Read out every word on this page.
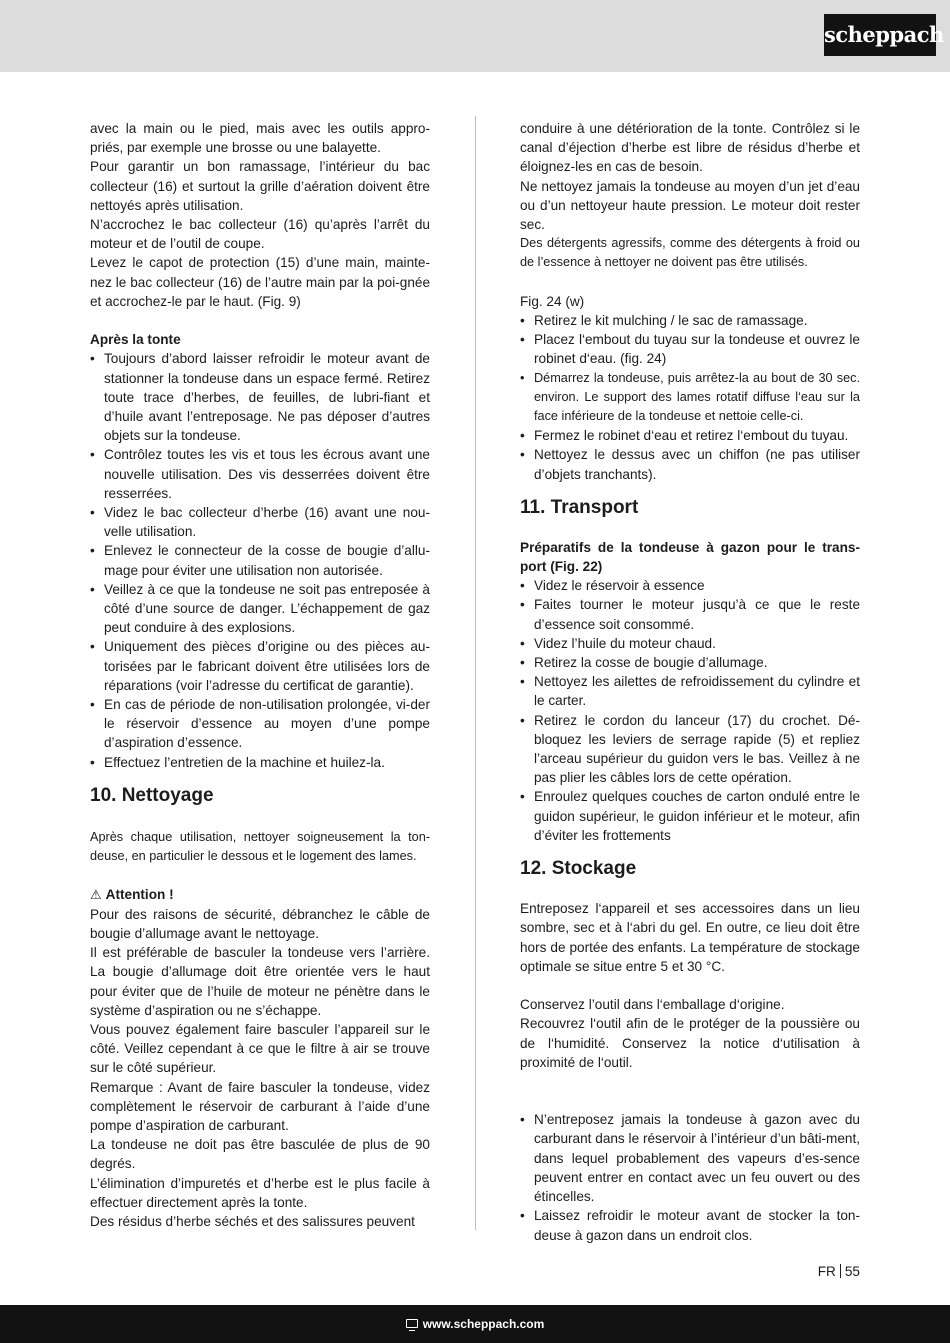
scheppach

avec la main ou le pied, mais avec les outils appro-priés, par exemple une brosse ou une balayette.

Pour garantir un bon ramassage, l’intérieur du bac collecteur (16) et surtout la grille d’aération doivent être nettoyés après utilisation.

N’accrochez le bac collecteur (16) qu’après l’arrêt du moteur et de l’outil de coupe.

Levez le capot de protection (15) d’une main, mainte-nez le bac collecteur (16) de l’autre main par la poi-gnée et accrochez-le par le haut. (Fig. 9)

Après la tonte

• Toujours d’abord laisser refroidir le moteur avant de stationner la tondeuse dans un espace fermé. Retirez toute trace d’herbes, de feuilles, de lubri-fiant et d’huile avant l’entreposage. Ne pas déposer d’autres objets sur la tondeuse.
• Contrôlez toutes les vis et tous les écrous avant une nouvelle utilisation. Des vis desserrées doivent être resserrées.
• Videz le bac collecteur d’herbe (16) avant une nou-velle utilisation.
• Enlevez le connecteur de la cosse de bougie d’allu-mage pour éviter une utilisation non autorisée.
• Veillez à ce que la tondeuse ne soit pas entreposée à côté d’une source de danger. L’échappement de gaz peut conduire à des explosions.
• Uniquement des pièces d’origine ou des pièces au-torisées par le fabricant doivent être utilisées lors de réparations (voir l’adresse du certificat de garantie).
• En cas de période de non-utilisation prolongée, vi-der le réservoir d’essence au moyen d’une pompe d’aspiration d’essence.
• Effectuez l’entretien de la machine et huilez-la.
10. Nettoyage

Après chaque utilisation, nettoyer soigneusement la ton-deuse, en particulier le dessous et le logement des lames.

⚠ Attention !

Pour des raisons de sécurité, débranchez le câble de bougie d’allumage avant le nettoyage.

Il est préférable de basculer la tondeuse vers l’arrière. La bougie d’allumage doit être orientée vers le haut pour éviter que de l’huile de moteur ne pénètre dans le système d’aspiration ou ne s’échappe.

Vous pouvez également faire basculer l’appareil sur le côté. Veillez cependant à ce que le filtre à air se trouve sur le côté supérieur.

Remarque : Avant de faire basculer la tondeuse, videz complètement le réservoir de carburant à l’aide d’une pompe d’aspiration de carburant.

La tondeuse ne doit pas être basculée de plus de 90 degrés.

L’élimination d’impuretés et d’herbe est le plus facile à effectuer directement après la tonte.

Des résidus d’herbe séchés et des salissures peuvent

conduire à une détérioration de la tonte. Contrôlez si le canal d’éjection d’herbe est libre de résidus d’herbe et éloignez-les en cas de besoin.

Ne nettoyez jamais la tondeuse au moyen d’un jet d’eau ou d’un nettoyeur haute pression. Le moteur doit rester sec.

Des détergents agressifs, comme des détergents à froid ou de l’essence à nettoyer ne doivent pas être utilisés.

Fig. 24 (w)

• Retirez le kit mulching / le sac de ramassage.
• Placez l‘embout du tuyau sur la tondeuse et ouvrez le robinet d‘eau. (fig. 24)
• Démarrez la tondeuse, puis arrêtez-la au bout de 30 sec. environ. Le support des lames rotatif diffuse l‘eau sur la face inférieure de la tondeuse et nettoie celle-ci.
• Fermez le robinet d‘eau et retirez l‘embout du tuyau.
• Nettoyez le dessus avec un chiffon (ne pas utiliser d’objets tranchants).
11. Transport

Préparatifs de la tondeuse à gazon pour le trans-port (Fig. 22)

• Videz le réservoir à essence
• Faites tourner le moteur jusqu’à ce que le reste d’essence soit consommé.
• Videz l’huile du moteur chaud.
• Retirez la cosse de bougie d’allumage.
• Nettoyez les ailettes de refroidissement du cylindre et le carter.
• Retirez le cordon du lanceur (17) du crochet. Dé-bloquez les leviers de serrage rapide (5) et repliez l’arceau supérieur du guidon vers le bas. Veillez à ne pas plier les câbles lors de cette opération.
• Enroulez quelques couches de carton ondulé entre le guidon supérieur, le guidon inférieur et le moteur, afin d’éviter les frottements
12. Stockage

Entreposez l‘appareil et ses accessoires dans un lieu sombre, sec et à l‘abri du gel. En outre, ce lieu doit être hors de portée des enfants. La température de stockage optimale se situe entre 5 et 30 °C.

Conservez l’outil dans l‘emballage d‘origine.

Recouvrez l‘outil afin de le protéger de la poussière ou de l‘humidité. Conservez la notice d‘utilisation à proximité de l‘outil.

• N’entreposez jamais la tondeuse à gazon avec du carburant dans le réservoir à l’intérieur d’un bâti-ment, dans lequel probablement des vapeurs d’es-sence peuvent entrer en contact avec un feu ouvert ou des étincelles.
• Laissez refroidir le moteur avant de stocker la ton-deuse à gazon dans un endroit clos.
FR 55
www.scheppach.com
